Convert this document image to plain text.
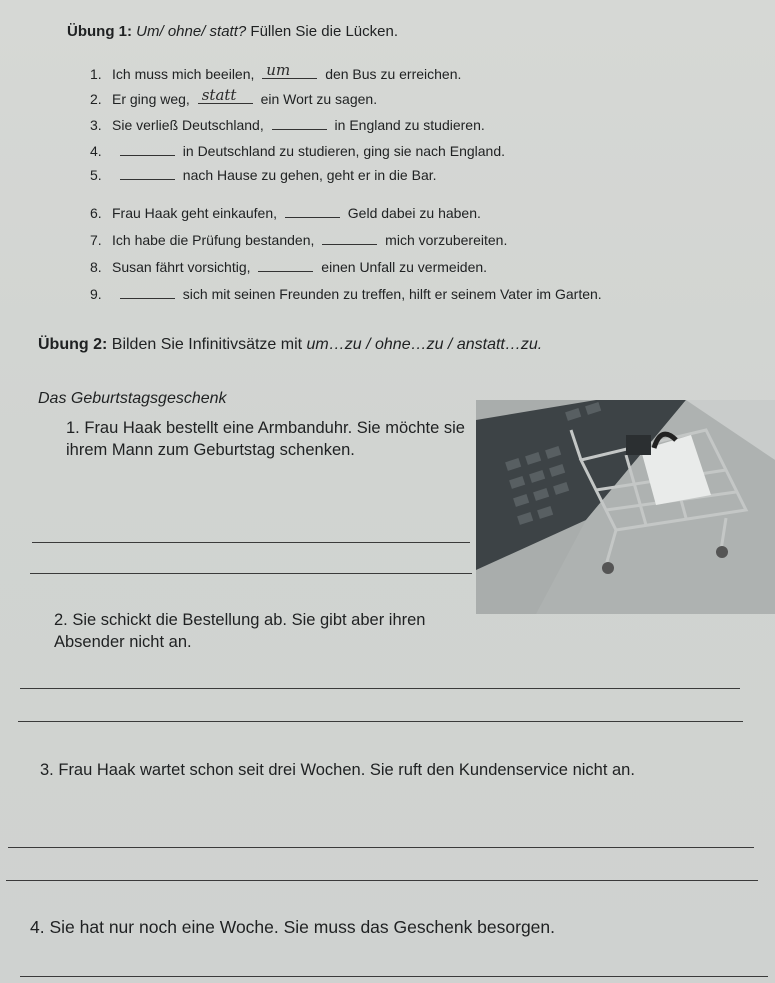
Übung 1: Um/ ohne/ statt? Füllen Sie die Lücken.
1. Ich muss mich beeilen, um	den Bus zu erreichen.
2. Er ging weg, statt ein Wort zu sagen.
3. Sie verließ Deutschland,	in England zu studieren.
4.	in Deutschland zu studieren, ging sie nach England.
5.	nach Hause zu gehen, geht er in die Bar.
6. Frau Haak geht einkaufen,	Geld dabei zu haben.
7. Ich habe die Prüfung bestanden,	mich vorzubereiten.
8. Susan fährt vorsichtig,	einen Unfall zu vermeiden.
9.	sich mit seinen Freunden zu treffen, hilft er seinem Vater im Garten.
Übung 2: Bilden Sie Infinitivsätze mit um…zu / ohne…zu / anstatt…zu.
Das Geburtstagsgeschenk
1. Frau Haak bestellt eine Armbanduhr. Sie möchte sie ihrem Mann zum Geburtstag schenken.
2. Sie schickt die Bestellung ab. Sie gibt aber ihren Absender nicht an.
3. Frau Haak wartet schon seit drei Wochen. Sie ruft den Kundenservice nicht an.
4. Sie hat nur noch eine Woche. Sie muss das Geschenk besorgen.
